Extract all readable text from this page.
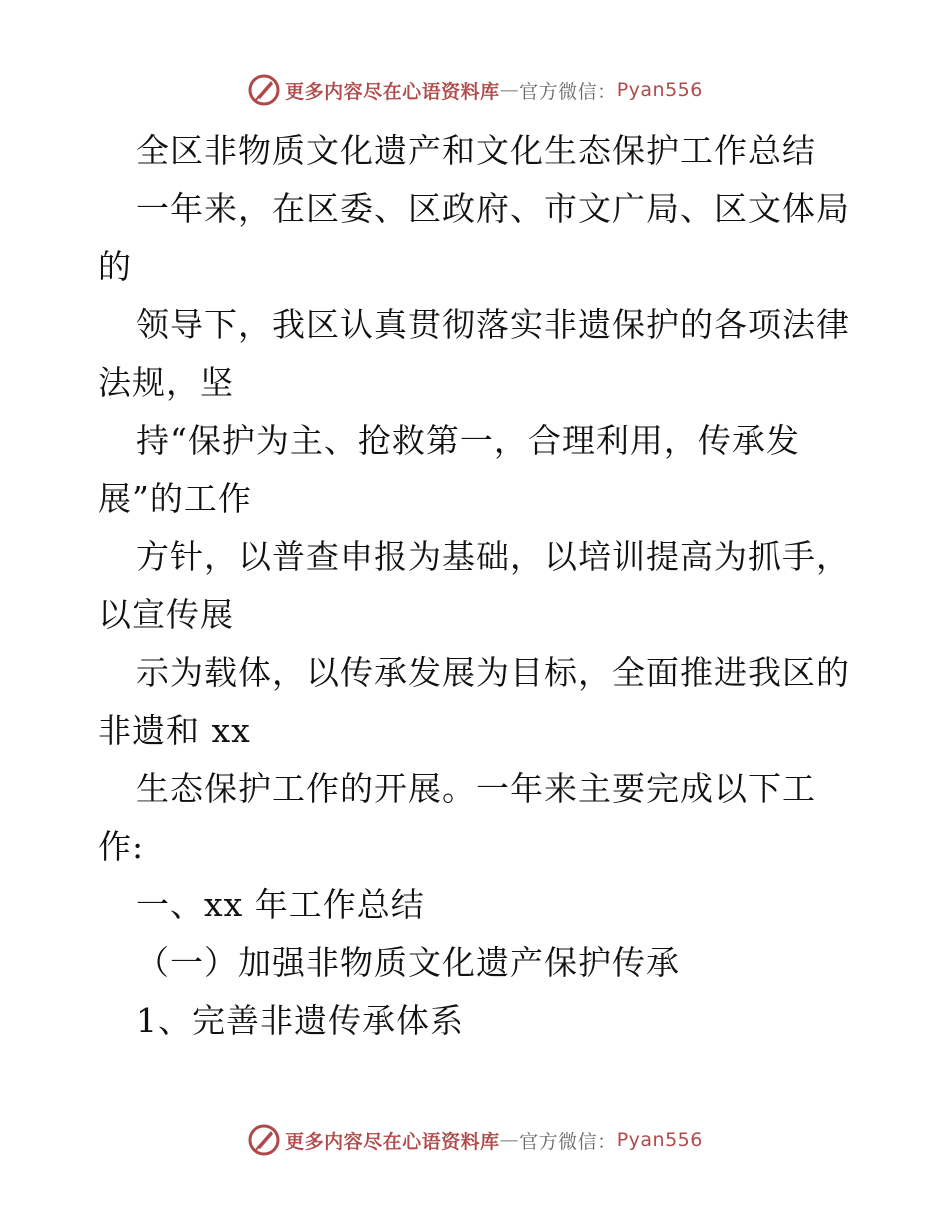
更多内容尽在心语资料库 — 官方微信： Pyan556
全区非物质文化遗产和文化生态保护工作总结
一年来，在区委、区政府、市文广局、区文体局
的
领导下，我区认真贯彻落实非遗保护的各项法律
法规，坚
持“保护为主、抢救第一，合理利用，传承发
展”的工作
方针，以普查申报为基础，以培训提高为抓手，
以宣传展
示为载体，以传承发展为目标，全面推进我区的
非遗和 xx
生态保护工作的开展。一年来主要完成以下工
作:
一、xx 年工作总结
（一）加强非物质文化遗产保护传承
1、完善非遗传承体系
更多内容尽在心语资料库 — 官方微信： Pyan556
